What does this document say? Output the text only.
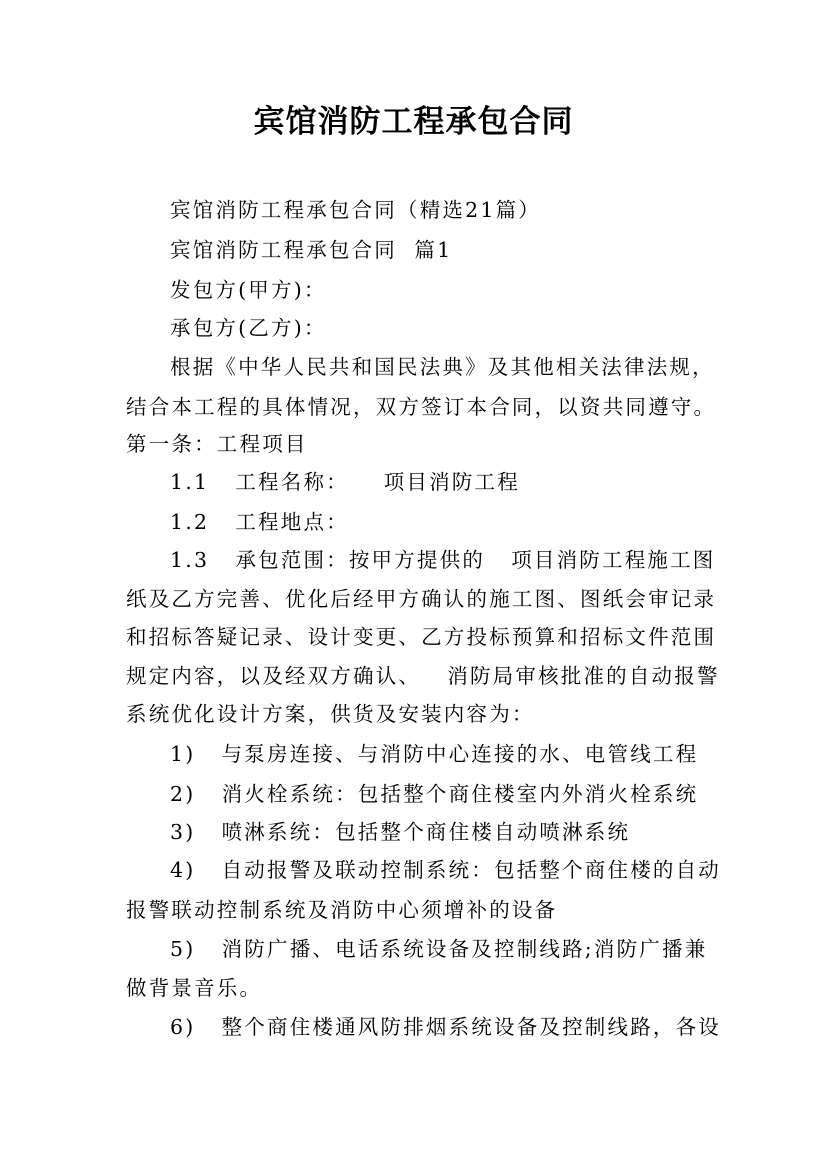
宾馆消防工程承包合同
宾馆消防工程承包合同（精选21篇）
宾馆消防工程承包合同  篇1
发包方(甲方)：
承包方(乙方)：
根据《中华人民共和国民法典》及其他相关法律法规，
结合本工程的具体情况，双方签订本合同，以资共同遵守。
第一条：工程项目
1.1   工程名称：    项目消防工程
1.2   工程地点：
1.3   承包范围：按甲方提供的   项目消防工程施工图
纸及乙方完善、优化后经甲方确认的施工图、图纸会审记录
和招标答疑记录、设计变更、乙方投标预算和招标文件范围
规定内容，以及经双方确认、   消防局审核批准的自动报警
系统优化设计方案，供货及安装内容为：
1)   与泵房连接、与消防中心连接的水、电管线工程
2)   消火栓系统：包括整个商住楼室内外消火栓系统
3)   喷淋系统：包括整个商住楼自动喷淋系统
4)   自动报警及联动控制系统：包括整个商住楼的自动
报警联动控制系统及消防中心须增补的设备
5)   消防广播、电话系统设备及控制线路;消防广播兼
做背景音乐。
6)   整个商住楼通风防排烟系统设备及控制线路，各设
